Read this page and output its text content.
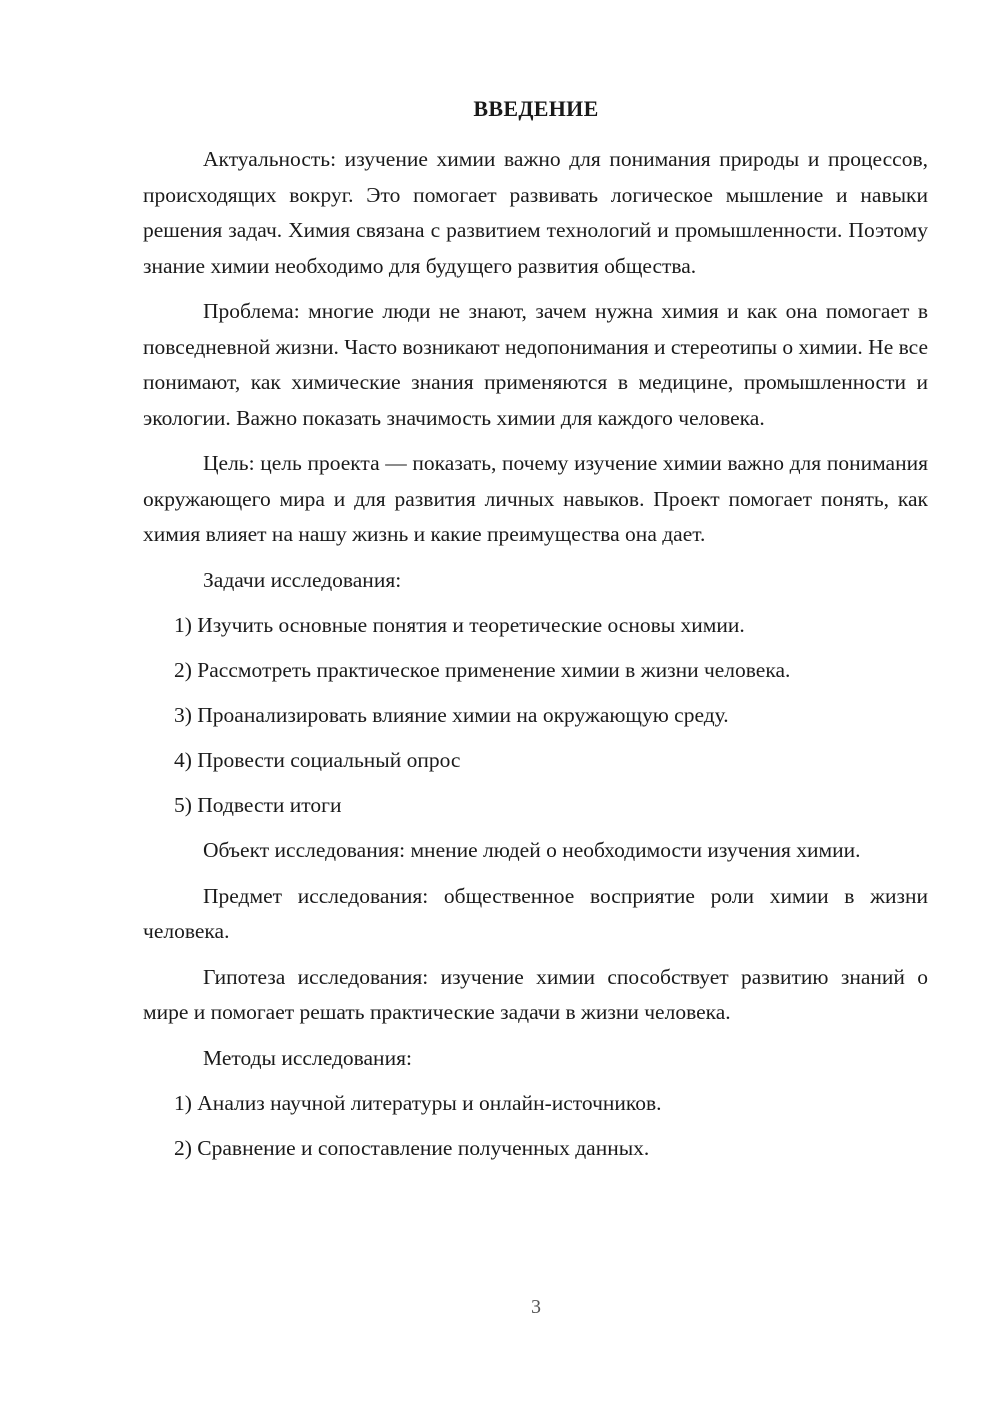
ВВЕДЕНИЕ

Актуальность: изучение химии важно для понимания природы и процессов, происходящих вокруг. Это помогает развивать логическое мышление и навыки решения задач. Химия связана с развитием технологий и промышленности. Поэтому знание химии необходимо для будущего развития общества.

Проблема: многие люди не знают, зачем нужна химия и как она помогает в повседневной жизни. Часто возникают недопонимания и стереотипы о химии. Не все понимают, как химические знания применяются в медицине, промышленности и экологии. Важно показать значимость химии для каждого человека.

Цель: цель проекта — показать, почему изучение химии важно для понимания окружающего мира и для развития личных навыков. Проект помогает понять, как химия влияет на нашу жизнь и какие преимущества она дает.

Задачи исследования:

1) Изучить основные понятия и теоретические основы химии.
2) Рассмотреть практическое применение химии в жизни человека.
3) Проанализировать влияние химии на окружающую среду.
4) Провести социальный опрос
5) Подвести итоги

Объект исследования: мнение людей о необходимости изучения химии.

Предмет исследования: общественное восприятие роли химии в жизни человека.

Гипотеза исследования: изучение химии способствует развитию знаний о мире и помогает решать практические задачи в жизни человека.

Методы исследования:

1) Анализ научной литературы и онлайн-источников.
2) Сравнение и сопоставление полученных данных.
3
